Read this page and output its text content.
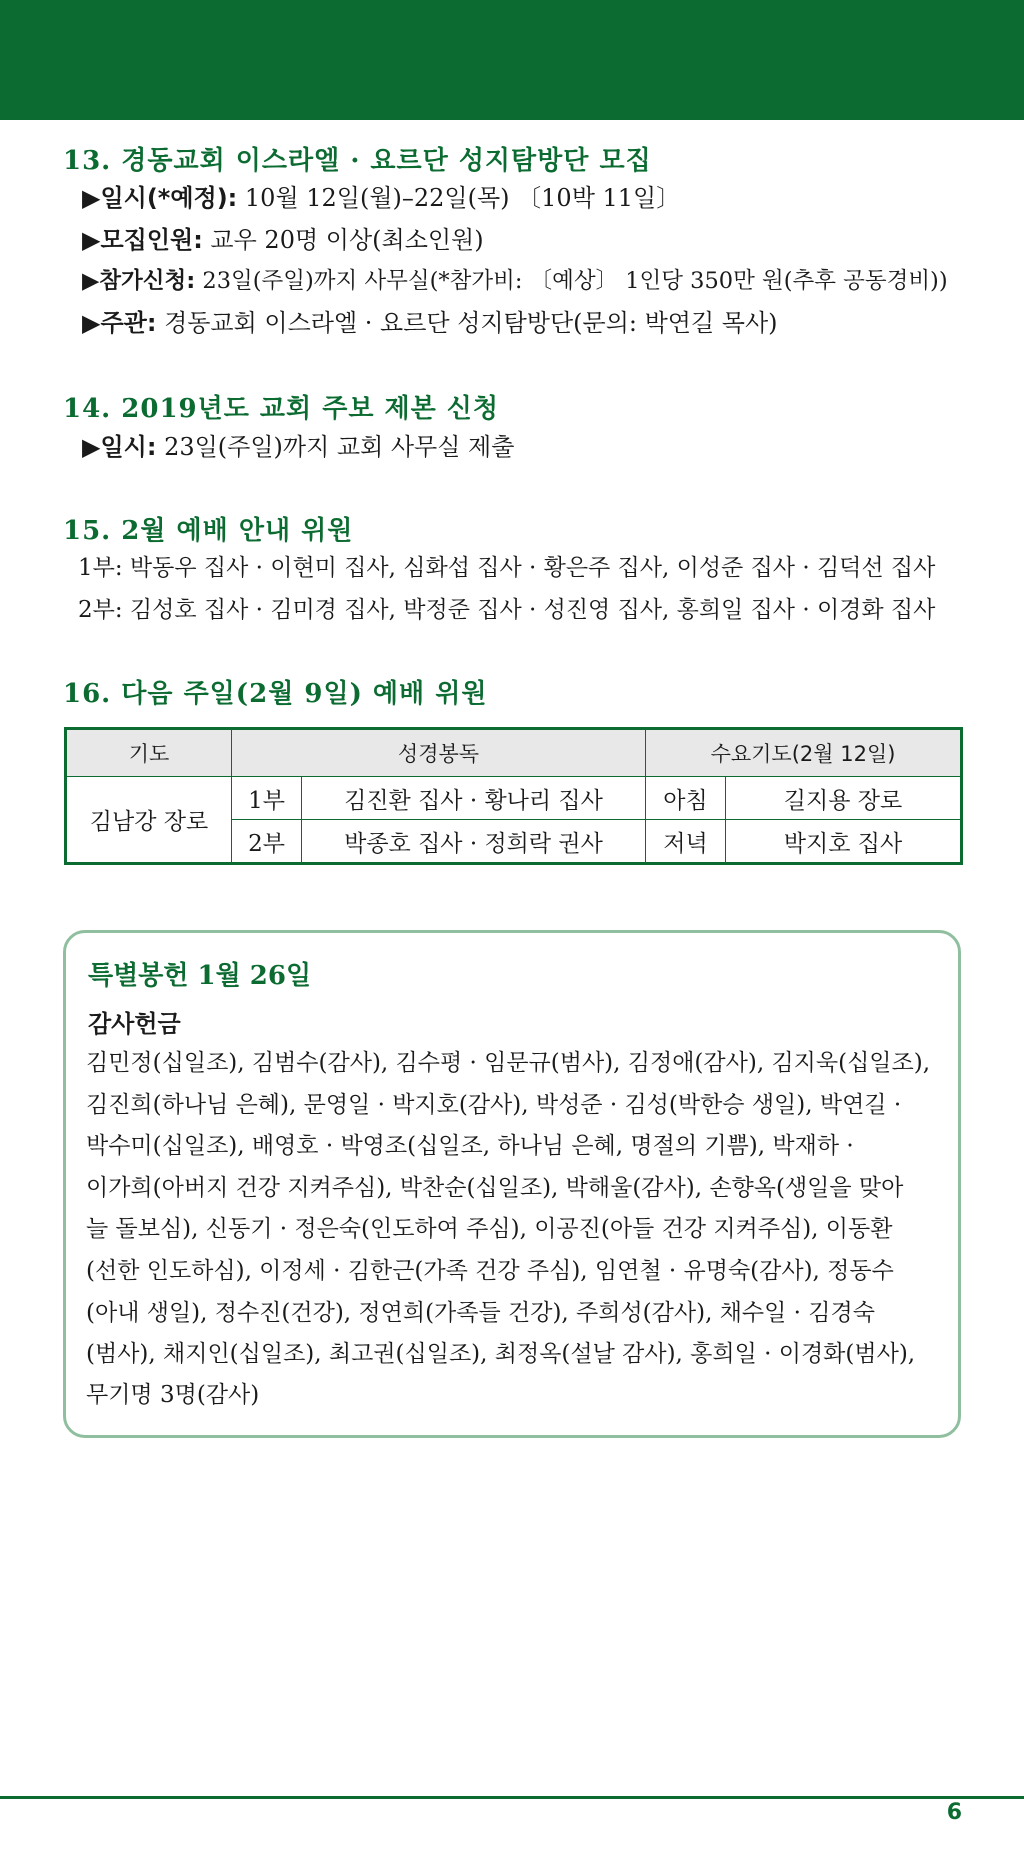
13. 경동교회 이스라엘 · 요르단 성지탐방단 모집

▶일시(*예정): 10월 12일(월)–22일(목) 〔10박 11일〕

▶모집인원: 교우 20명 이상(최소인원)

▶참가신청: 23일(주일)까지 사무실(*참가비: 〔예상〕 1인당 350만 원(추후 공동경비))

▶주관: 경동교회 이스라엘 · 요르단 성지탐방단(문의: 박연길 목사)

14. 2019년도 교회 주보 제본 신청

▶일시: 23일(주일)까지 교회 사무실 제출

15. 2월 예배 안내 위원

1부: 박동우 집사 · 이현미 집사, 심화섭 집사 · 황은주 집사, 이성준 집사 · 김덕선 집사

2부: 김성호 집사 · 김미경 집사, 박정준 집사 · 성진영 집사, 홍희일 집사 · 이경화 집사

16. 다음 주일(2월 9일) 예배 위원
기도	성경봉독		수요기도(2월 12일)	
김남강 장로	1부	김진환 집사 · 황나리 집사	아침	길지용 장로
	2부	박종호 집사 · 정희락 권사	저녁	박지호 집사
특별봉헌 1월 26일

감사헌금

김민정(십일조), 김범수(감사), 김수평 · 임문규(범사), 김정애(감사), 김지욱(십일조),

김진희(하나님 은혜), 문영일 · 박지호(감사), 박성준 · 김성(박한승 생일), 박연길 ·

박수미(십일조), 배영호 · 박영조(십일조, 하나님 은혜, 명절의 기쁨), 박재하 ·

이가희(아버지 건강 지켜주심), 박찬순(십일조), 박해울(감사), 손향옥(생일을 맞아

늘 돌보심), 신동기 · 정은숙(인도하여 주심), 이공진(아들 건강 지켜주심), 이동환

(선한 인도하심), 이정세 · 김한근(가족 건강 주심), 임연철 · 유명숙(감사), 정동수

(아내 생일), 정수진(건강), 정연희(가족들 건강), 주희성(감사), 채수일 · 김경숙

(범사), 채지인(십일조), 최고권(십일조), 최정옥(설날 감사), 홍희일 · 이경화(범사),

무기명 3명(감사)

6
